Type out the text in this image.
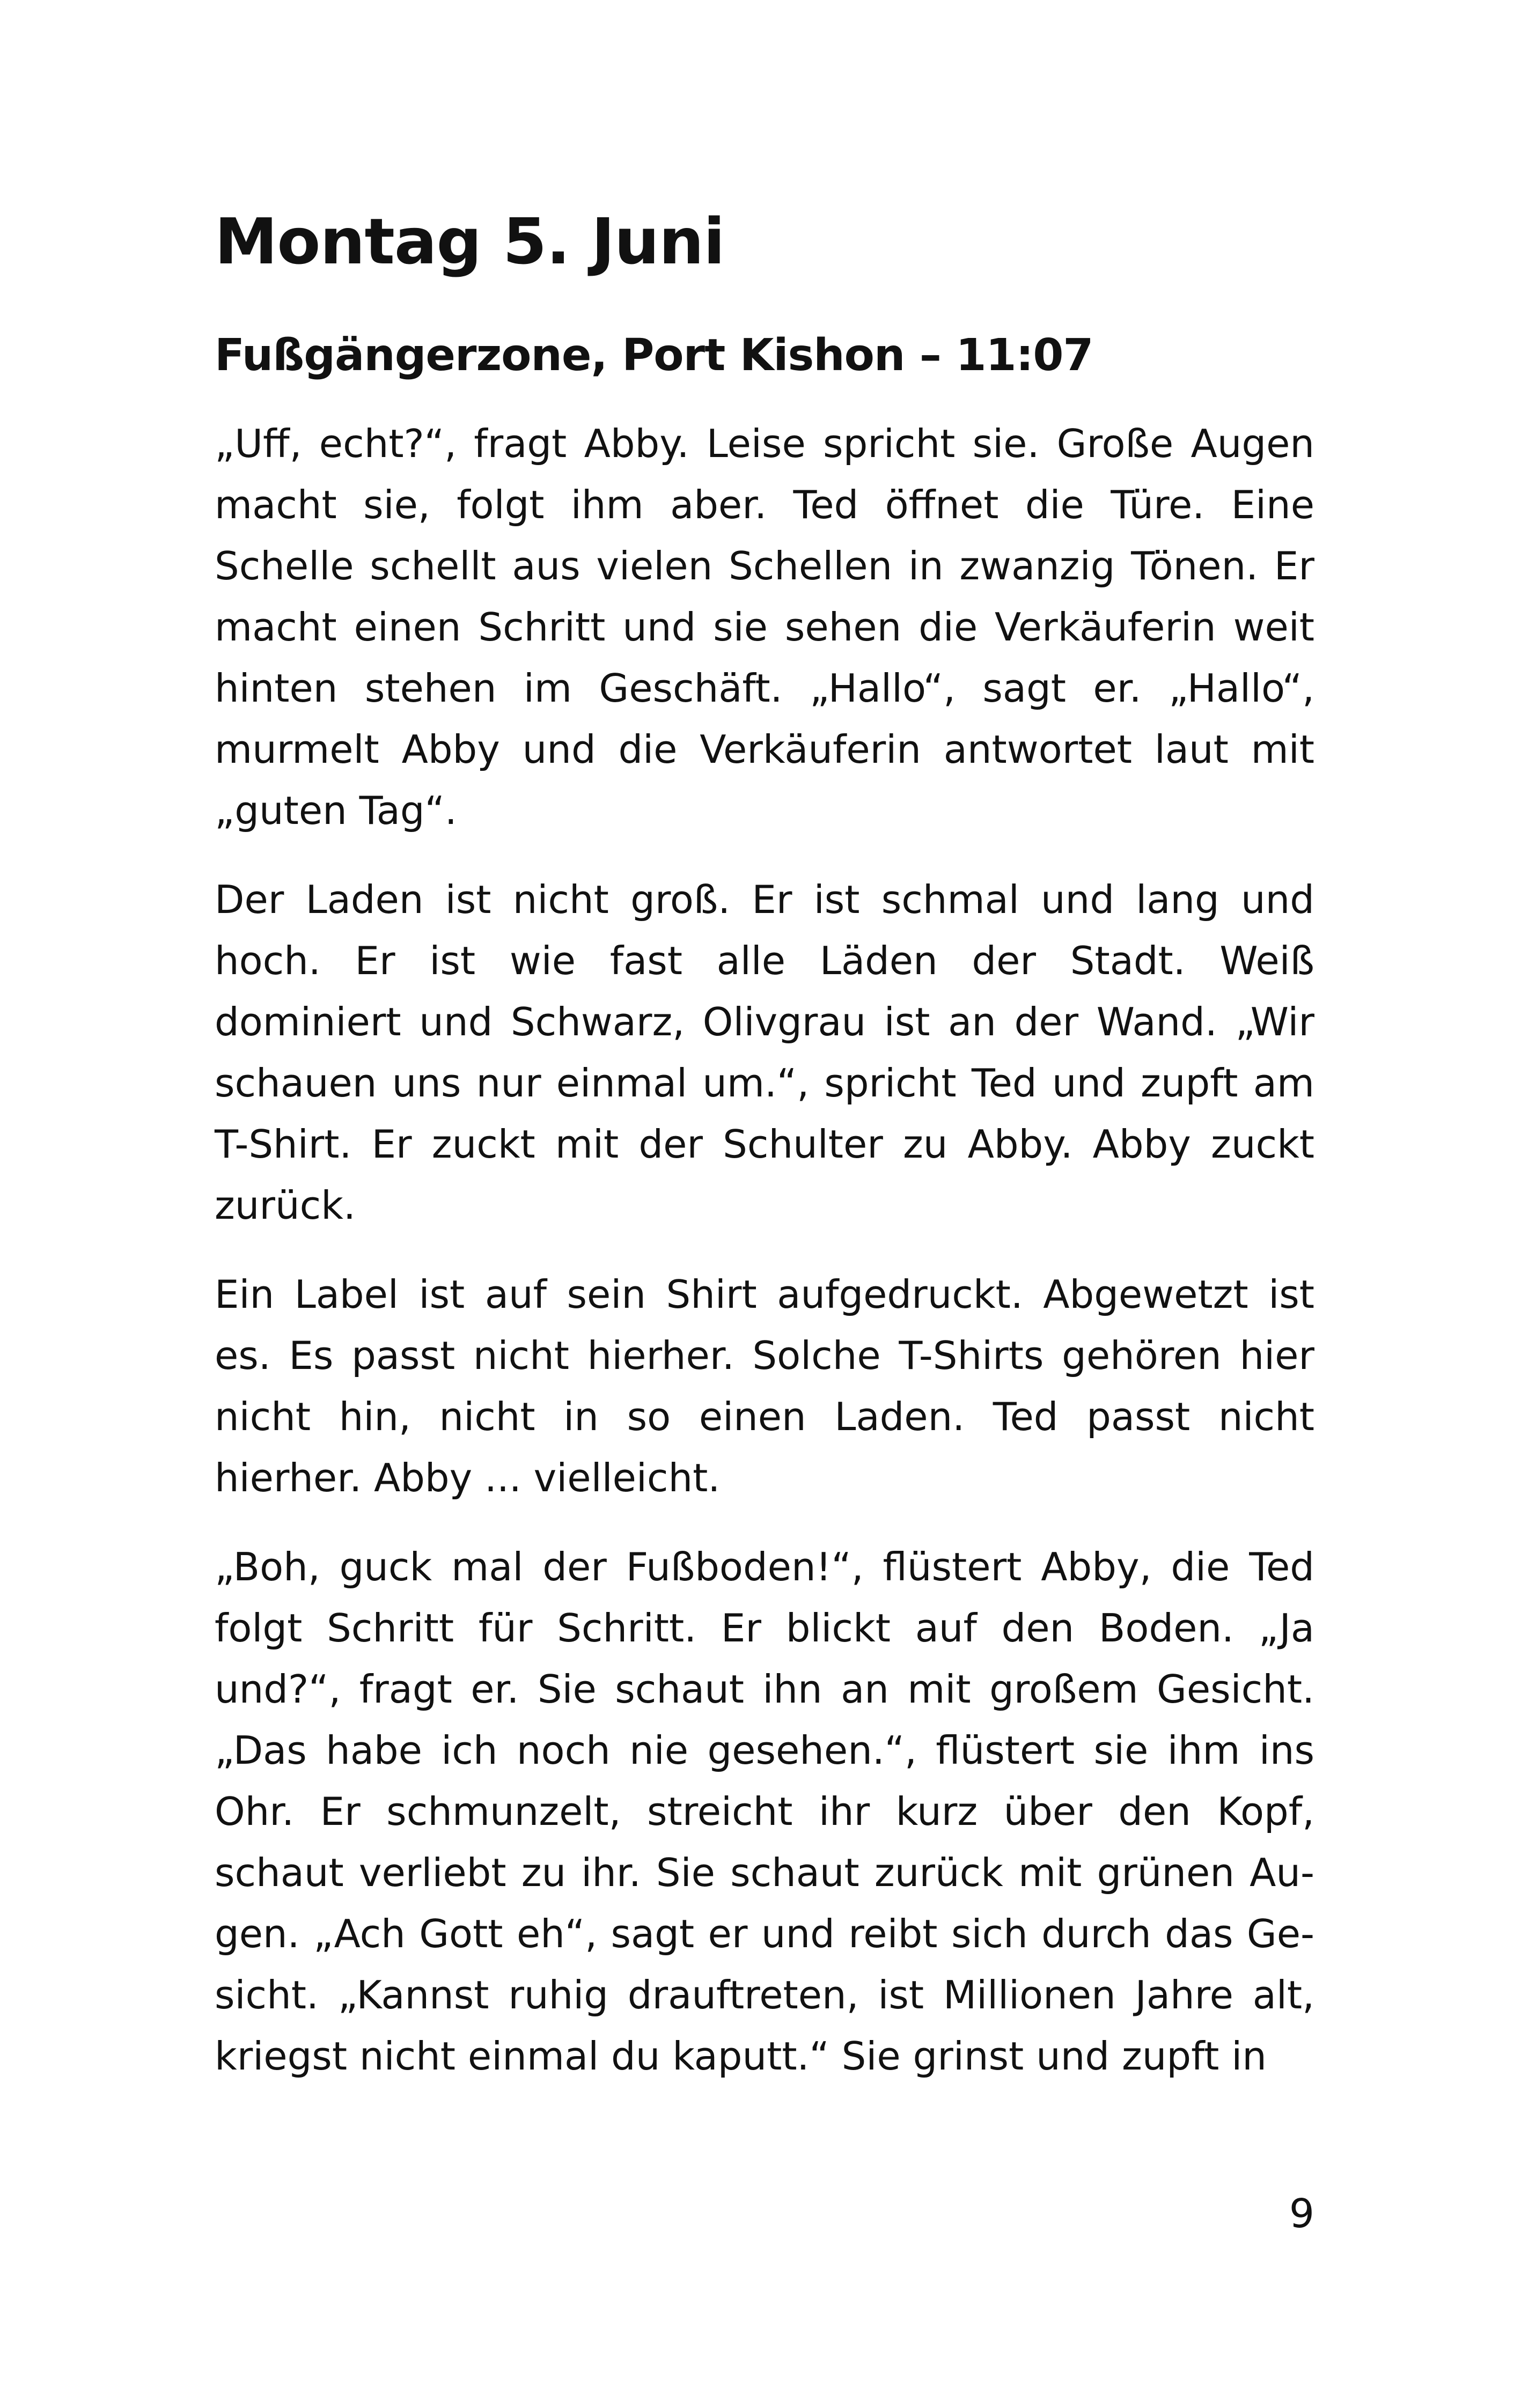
Montag 5. Juni
Fußgängerzone, Port Kishon – 11:07

„Uff, echt?“, fragt Abby. Leise spricht sie. Große Augen macht sie, folgt ihm aber. Ted öffnet die Türe. Eine Schelle schellt aus vielen Schellen in zwanzig Tönen. Er macht einen Schritt und sie sehen die Verkäuferin weit hinten stehen im Geschäft. „Hallo“, sagt er. „Hallo“, murmelt Abby und die Verkäuferin antwortet laut mit „guten Tag“.

Der Laden ist nicht groß. Er ist schmal und lang und hoch. Er ist wie fast alle Läden der Stadt. Weiß dominiert und Schwarz, Olivgrau ist an der Wand. „Wir schauen uns nur einmal um.“, spricht Ted und zupft am T-Shirt. Er zuckt mit der Schulter zu Abby. Abby zuckt zurück.

Ein Label ist auf sein Shirt aufgedruckt. Abgewetzt ist es. Es passt nicht hierher. Solche T-Shirts gehören hier nicht hin, nicht in so einen Laden. Ted passt nicht hierher. Abby ... vielleicht.

„Boh, guck mal der Fußboden!“, flüstert Abby, die Ted folgt Schritt für Schritt. Er blickt auf den Boden. „Ja und?“, fragt er. Sie schaut ihn an mit großem Gesicht. „Das habe ich noch nie gesehen.“, flüstert sie ihm ins Ohr. Er schmunzelt, streicht ihr kurz über den Kopf, schaut verliebt zu ihr. Sie schaut zurück mit grünen Augen. „Ach Gott eh“, sagt er und reibt sich durch das Gesicht. „Kannst ruhig drauftreten, ist Millionen Jahre alt, kriegst nicht einmal du kaputt.“ Sie grinst und zupft in

9
